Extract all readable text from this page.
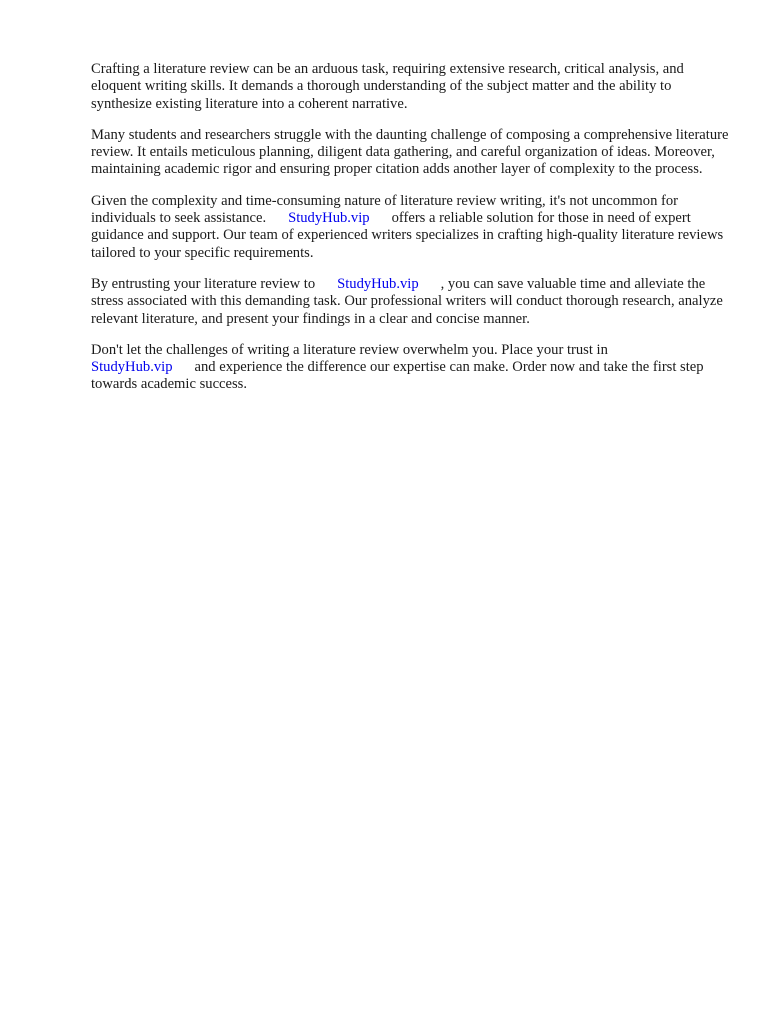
Crafting a literature review can be an arduous task, requiring extensive research, critical analysis, and eloquent writing skills. It demands a thorough understanding of the subject matter and the ability to synthesize existing literature into a coherent narrative.

Many students and researchers struggle with the daunting challenge of composing a comprehensive literature review. It entails meticulous planning, diligent data gathering, and careful organization of ideas. Moreover, maintaining academic rigor and ensuring proper citation adds another layer of complexity to the process.

Given the complexity and time-consuming nature of literature review writing, it's not uncommon for individuals to seek assistance. StudyHub.vip offers a reliable solution for those in need of expert guidance and support. Our team of experienced writers specializes in crafting high-quality literature reviews tailored to your specific requirements.

By entrusting your literature review to StudyHub.vip , you can save valuable time and alleviate the stress associated with this demanding task. Our professional writers will conduct thorough research, analyze relevant literature, and present your findings in a clear and concise manner.

Don't let the challenges of writing a literature review overwhelm you. Place your trust in StudyHub.vip and experience the difference our expertise can make. Order now and take the first step towards academic success.
